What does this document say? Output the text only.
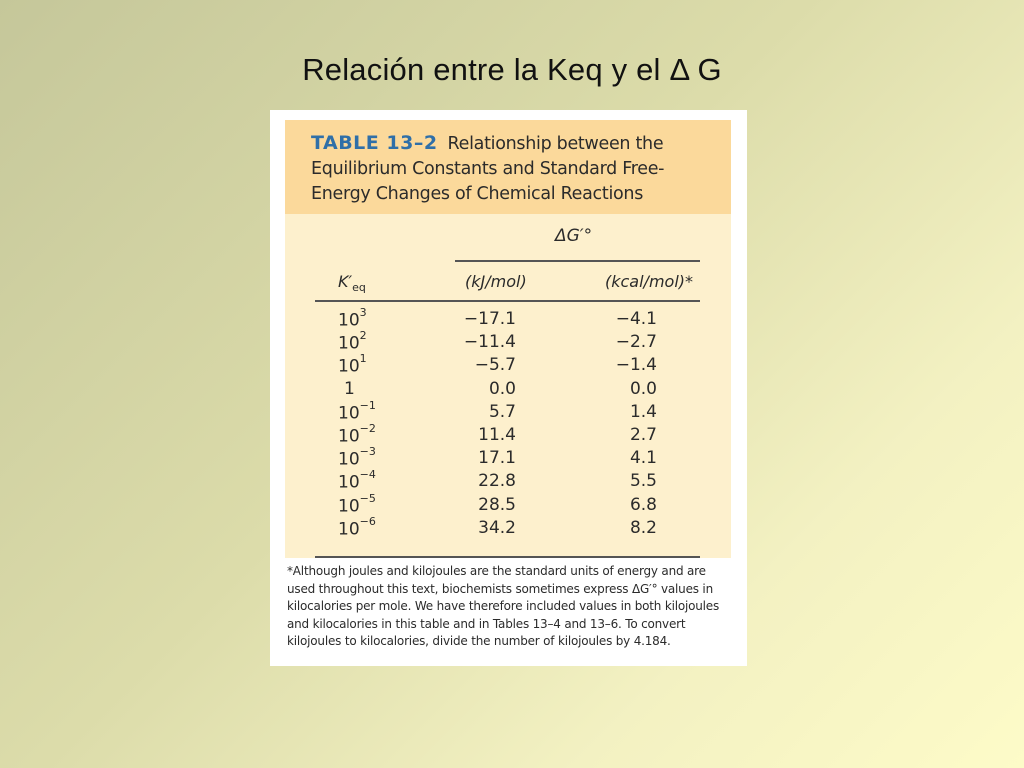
Relación entre la Keq y el Δ G
TABLE 13–2 Relationship between the Equilibrium Constants and Standard Free-Energy Changes of Chemical Reactions
ΔG′°
$K'_{eq}$	(kJ/mol)	(kcal/mol)*
$10^3$	−17.1	−4.1
$10^2$	−11.4	−2.7
$10^1$	−5.7	−1.4
1	0.0	0.0
$10^{-1}$	5.7	1.4
$10^{-2}$	11.4	2.7
$10^{-3}$	17.1	4.1
$10^{-4}$	22.8	5.5
$10^{-5}$	28.5	6.8
$10^{-6}$	34.2	8.2
*Although joules and kilojoules are the standard units of energy and are used throughout this text, biochemists sometimes express ΔG′° values in kilocalories per mole. We have therefore included values in both kilojoules and kilocalories in this table and in Tables 13–4 and 13–6. To convert kilojoules to kilocalories, divide the number of kilojoules by 4.184.
